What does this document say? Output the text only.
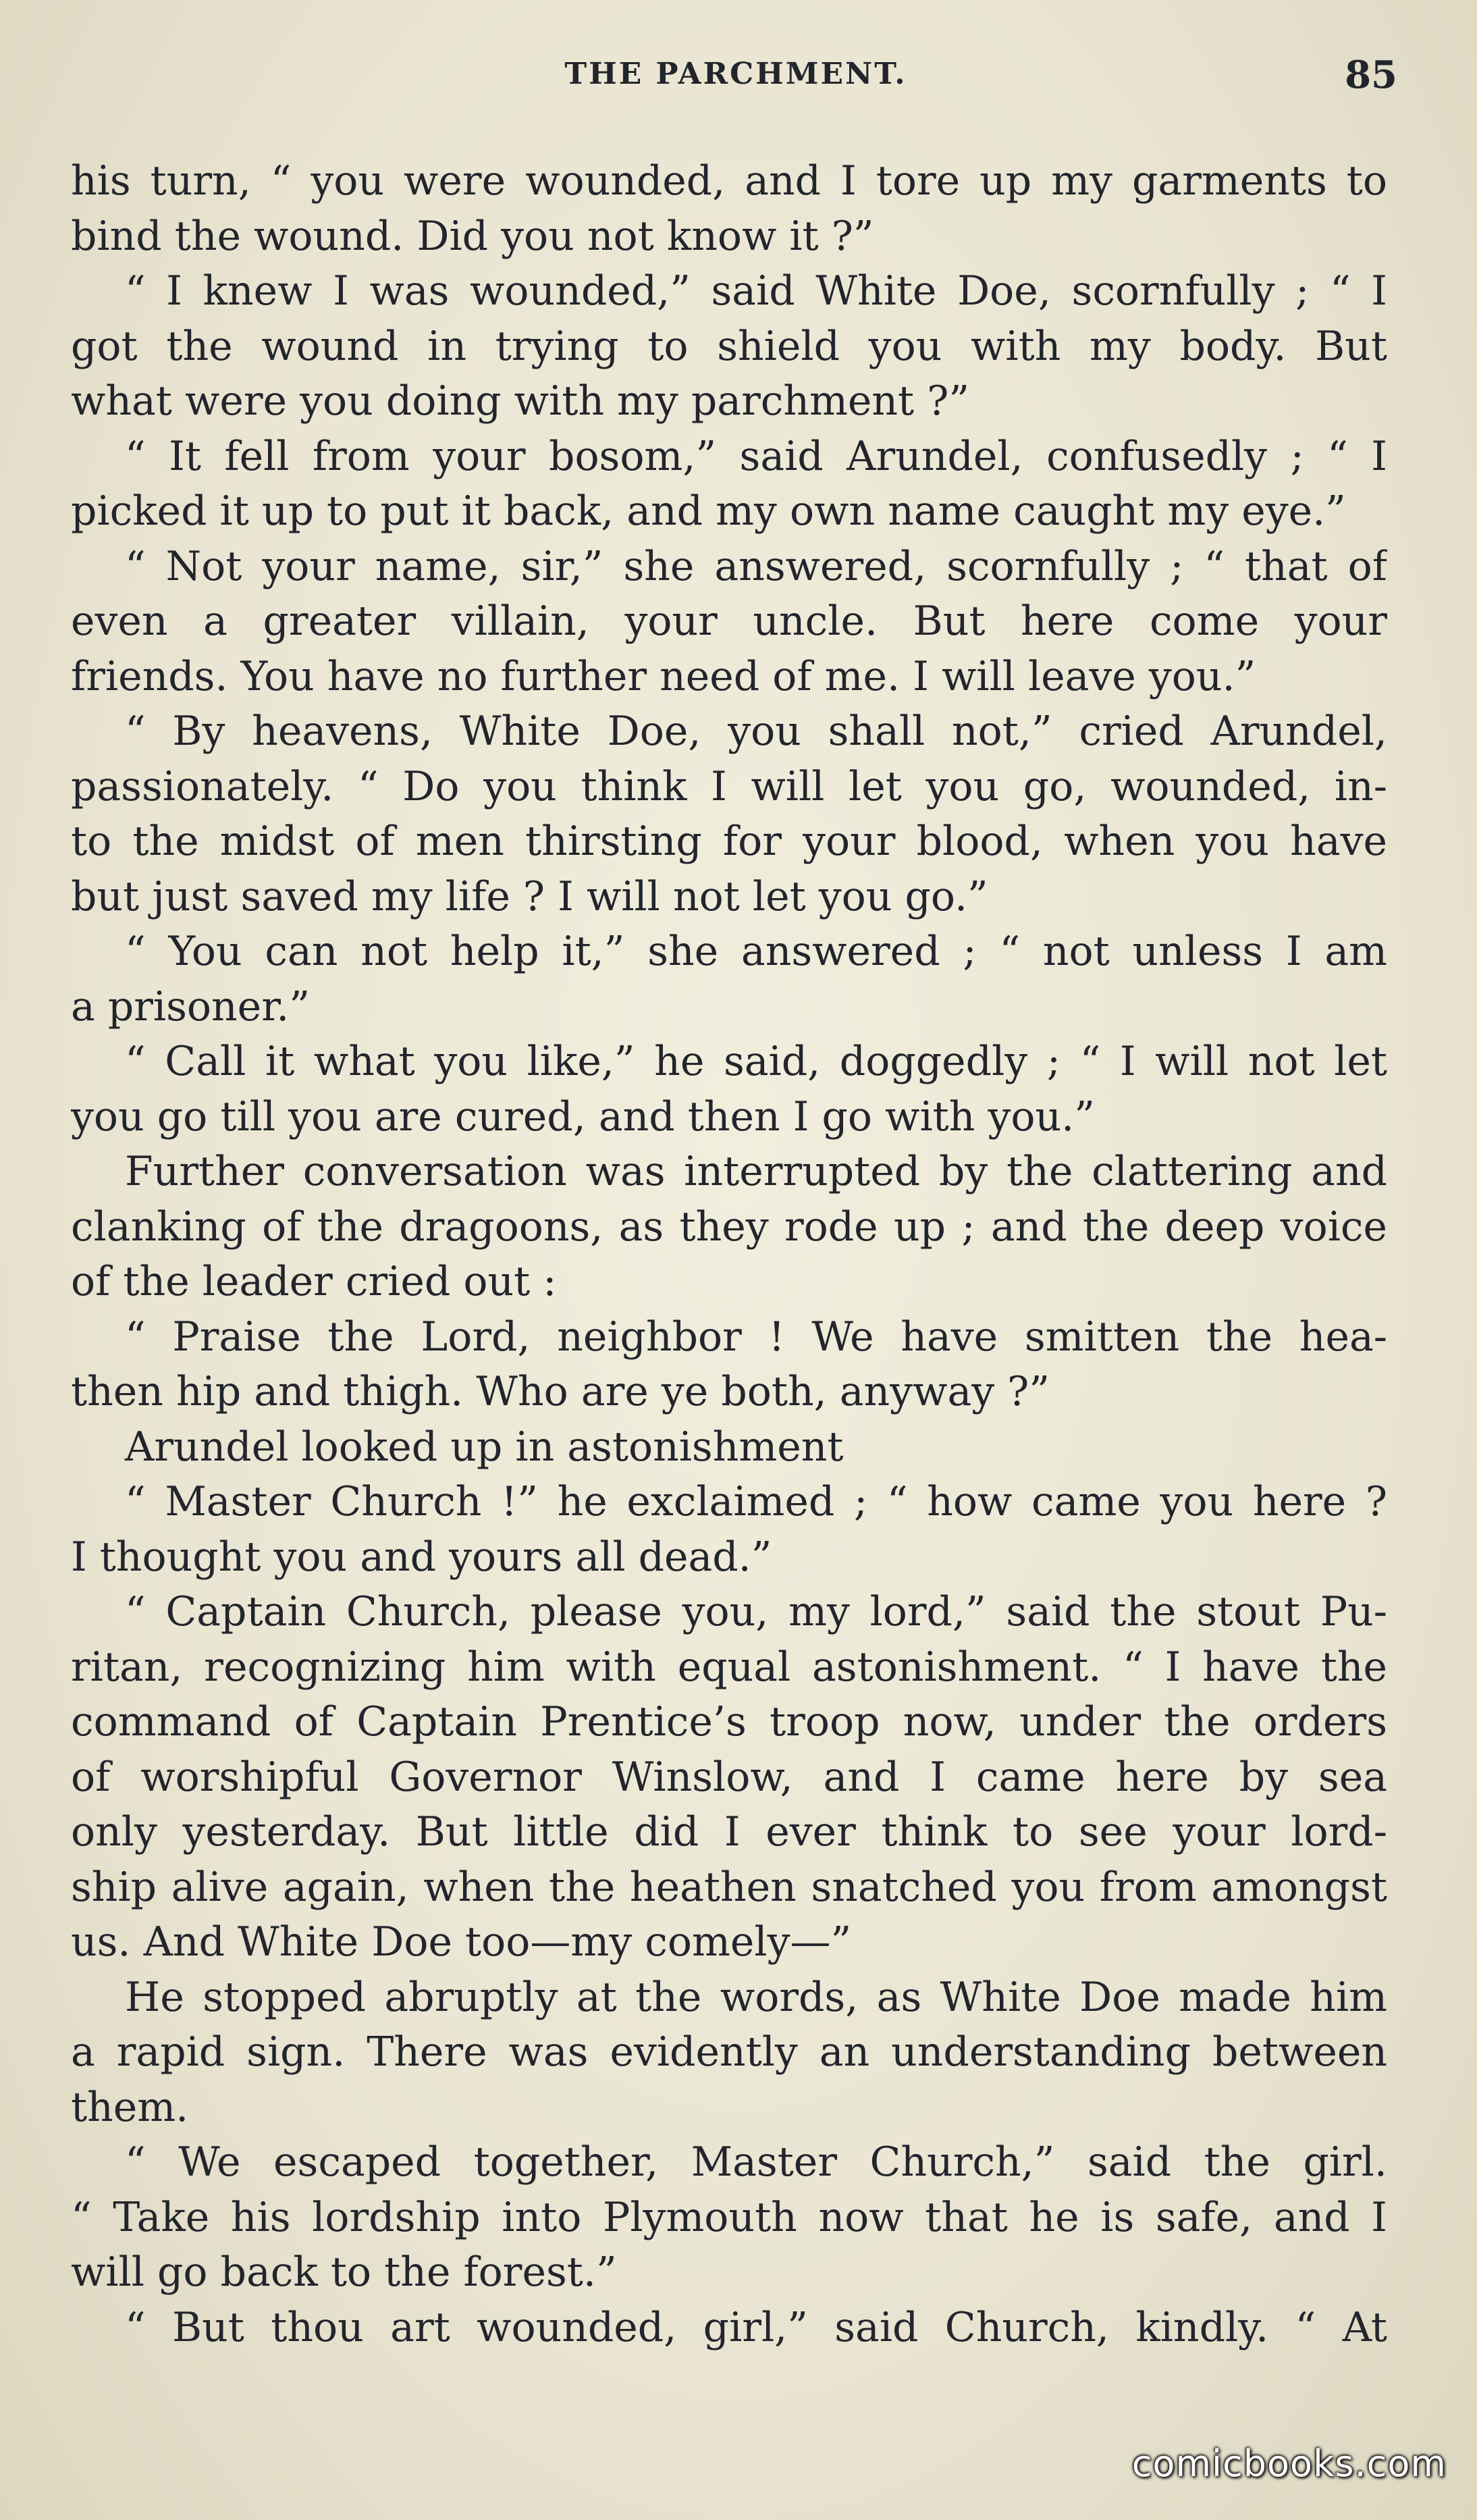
THE PARCHMENT.	85
his turn, “ you were wounded, and I tore up my garments to
bind the wound. Did you not know it ?”
“ I knew I was wounded,” said White Doe, scornfully ; “ I
got the wound in trying to shield you with my body. But
what were you doing with my parchment ?”
“ It fell from your bosom,” said Arundel, confusedly ; “ I
picked it up to put it back, and my own name caught my eye.”
“ Not your name, sir,” she answered, scornfully ; “ that of
even a greater villain, your uncle. But here come your
friends. You have no further need of me. I will leave you.”
“ By heavens, White Doe, you shall not,” cried Arundel,
passionately. “ Do you think I will let you go, wounded, in-
to the midst of men thirsting for your blood, when you have
but just saved my life ? I will not let you go.”
“ You can not help it,” she answered ; “ not unless I am
a prisoner.”
“ Call it what you like,” he said, doggedly ; “ I will not let
you go till you are cured, and then I go with you.”
Further conversation was interrupted by the clattering and
clanking of the dragoons, as they rode up ; and the deep voice
of the leader cried out :
“ Praise the Lord, neighbor ! We have smitten the hea-
then hip and thigh. Who are ye both, anyway ?”
Arundel looked up in astonishment
“ Master Church !” he exclaimed ; “ how came you here ?
I thought you and yours all dead.”
“ Captain Church, please you, my lord,” said the stout Pu-
ritan, recognizing him with equal astonishment. “ I have the
command of Captain Prentice’s troop now, under the orders
of worshipful Governor Winslow, and I came here by sea
only yesterday. But little did I ever think to see your lord-
ship alive again, when the heathen snatched you from amongst
us. And White Doe too—my comely—”
He stopped abruptly at the words, as White Doe made him
a rapid sign. There was evidently an understanding between
them.
“ We escaped together, Master Church,” said the girl.
“ Take his lordship into Plymouth now that he is safe, and I
will go back to the forest.”
“ But thou art wounded, girl,” said Church, kindly. “ At
comicbooks.com
